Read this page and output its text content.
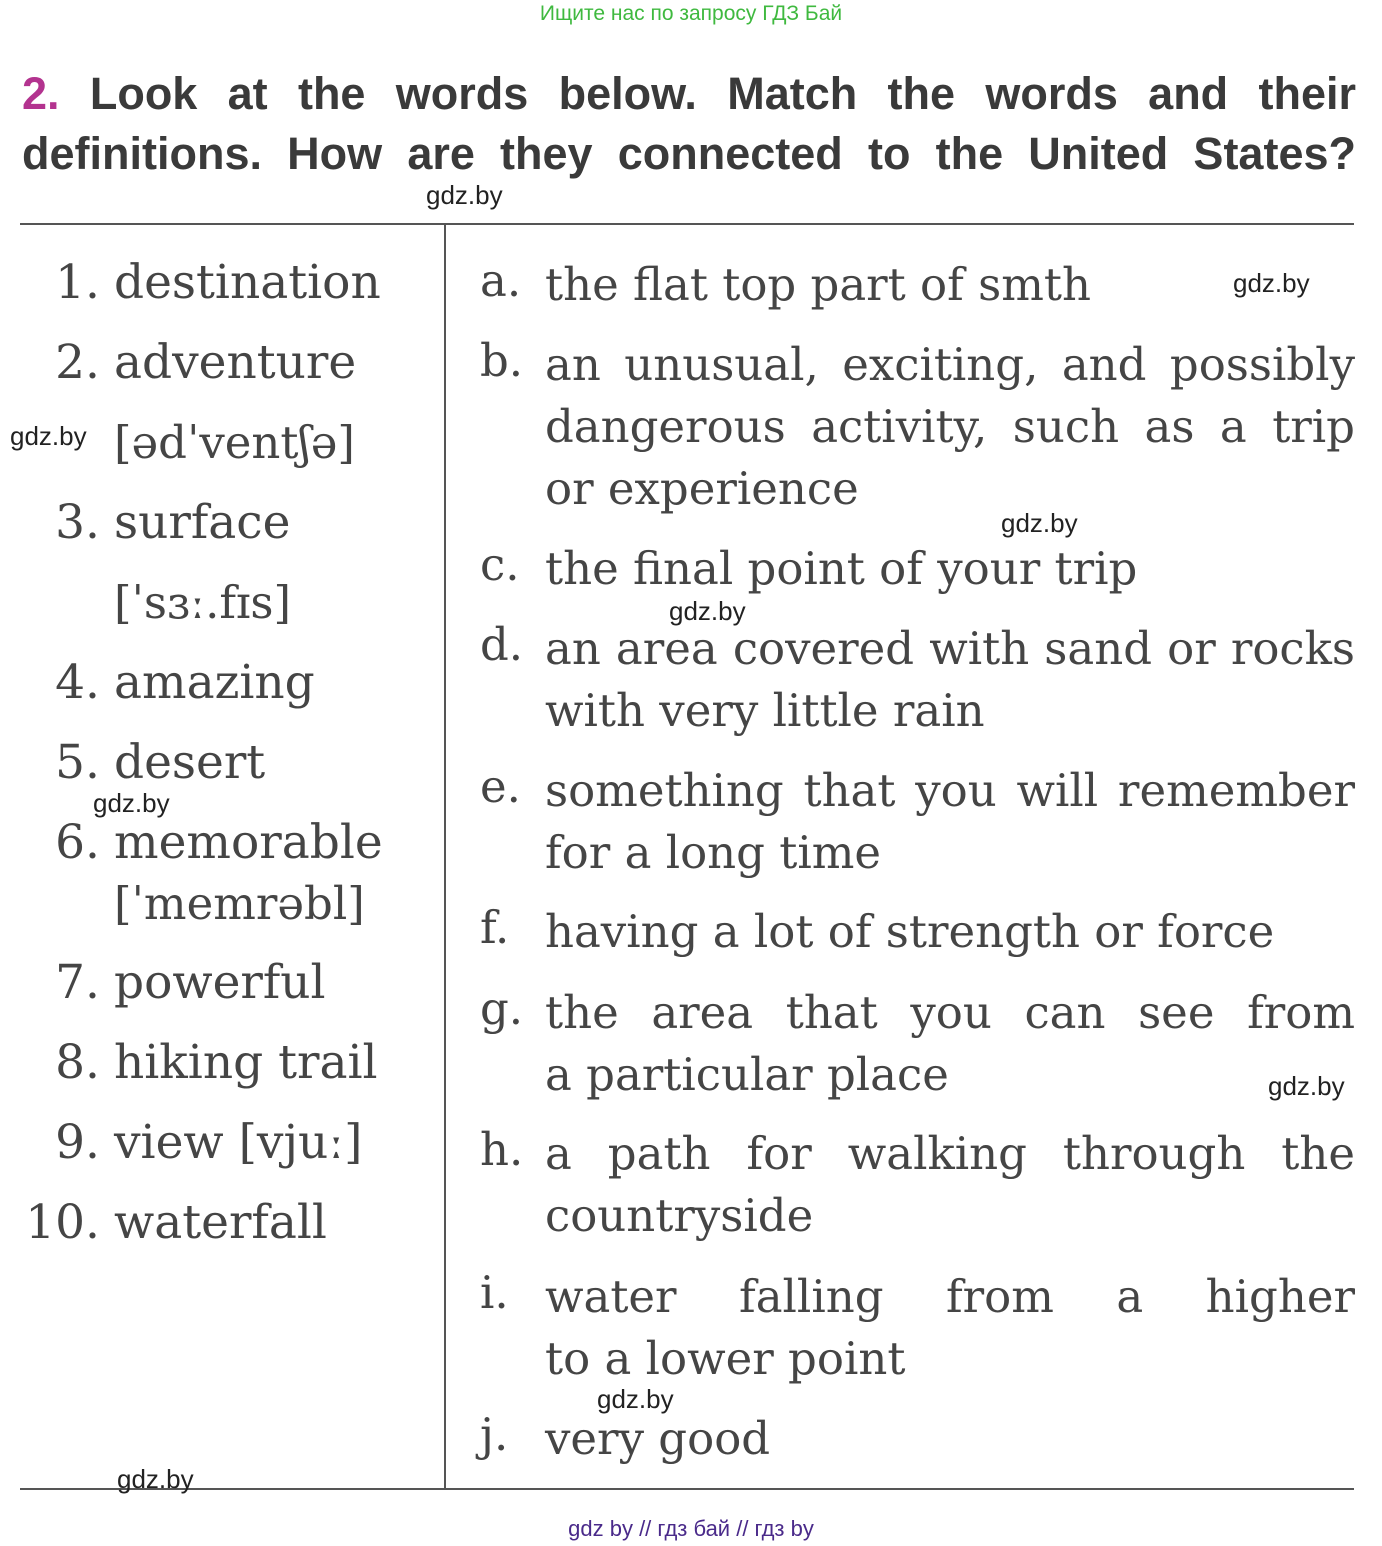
Ищите нас по запросу ГДЗ Бай
2. Look at the words below. Match the words and their
definitions. How are they connected to the United States?
1. destination
2. adventure
[ədˈventʃə]
3. surface
[ˈsɜː.fɪs]
4. amazing
5. desert
6. memorable
[ˈmemrəbl]
7. powerful
8. hiking trail
9. view [vjuː]
10. waterfall
a. the flat top part of smth
b. an unusual, exciting, and possibly
dangerous activity, such as a trip
or experience
c. the final point of your trip
d. an area covered with sand or rocks
with very little rain
e. something that you will remember
for a long time
f. having a lot of strength or force
g. the area that you can see from
a particular place
h. a path for walking through the
countryside
i. water falling from a higher
to a lower point
j. very good
gdz.by
gdz.by
gdz.by
gdz.by
gdz.by
gdz.by
gdz.by
gdz.by
gdz.by
gdz by // гдз бай // гдз by
